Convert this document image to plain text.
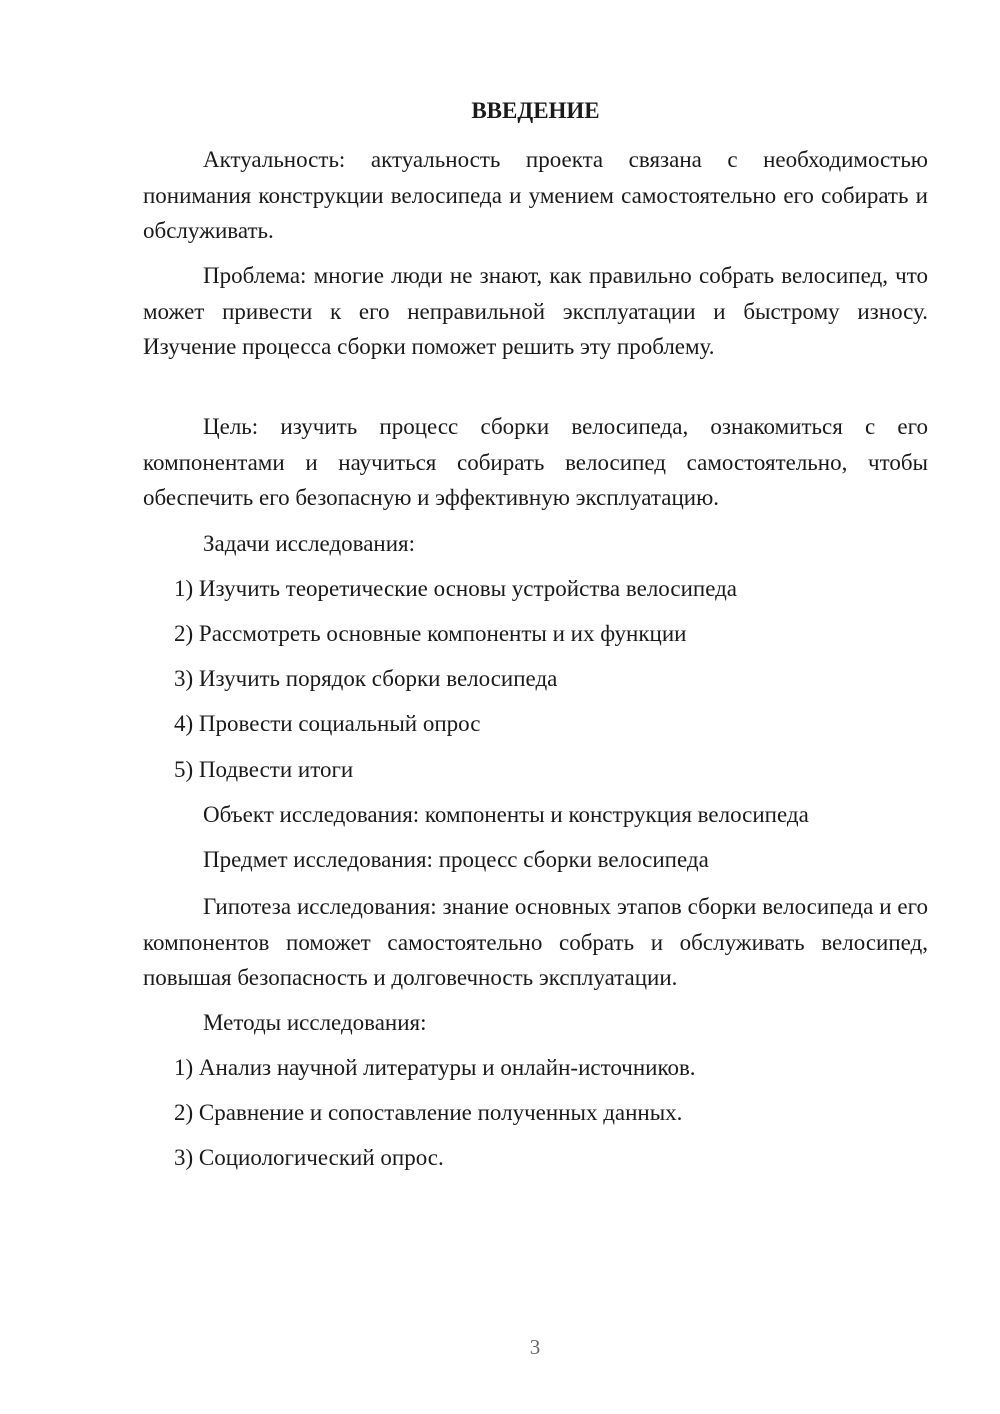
ВВЕДЕНИЕ

Актуальность: актуальность проекта связана с необходимостью понимания конструкции велосипеда и умением самостоятельно его собирать и обслуживать.

Проблема: многие люди не знают, как правильно собрать велосипед, что может привести к его неправильной эксплуатации и быстрому износу. Изучение процесса сборки поможет решить эту проблему.

Цель: изучить процесс сборки велосипеда, ознакомиться с его компонентами и научиться собирать велосипед самостоятельно, чтобы обеспечить его безопасную и эффективную эксплуатацию.

Задачи исследования:

1) Изучить теоретические основы устройства велосипеда

2) Рассмотреть основные компоненты и их функции

3) Изучить порядок сборки велосипеда

4) Провести социальный опрос

5) Подвести итоги

Объект исследования: компоненты и конструкция велосипеда

Предмет исследования: процесс сборки велосипеда

Гипотеза исследования: знание основных этапов сборки велосипеда и его компонентов поможет самостоятельно собрать и обслуживать велосипед, повышая безопасность и долговечность эксплуатации.

Методы исследования:

1) Анализ научной литературы и онлайн-источников.

2) Сравнение и сопоставление полученных данных.

3) Социологический опрос.

3
